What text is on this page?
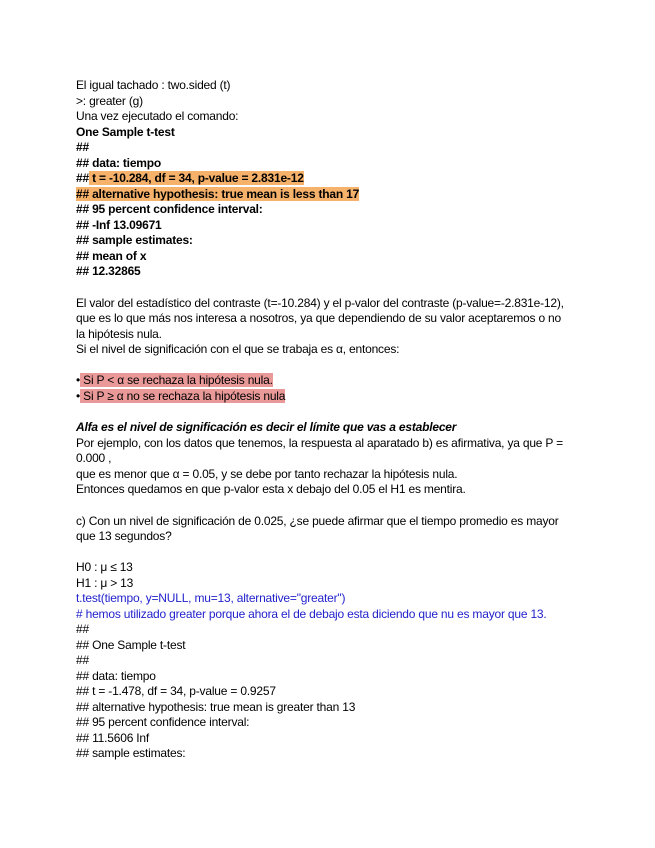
El igual tachado : two.sided (t)
>: greater (g)
Una vez ejecutado el comando:
One Sample t-test
##
## data: tiempo
## t = -10.284, df = 34, p-value = 2.831e-12
## alternative hypothesis: true mean is less than 17
## 95 percent confidence interval:
## -Inf 13.09671
## sample estimates:
## mean of x
## 12.32865
El valor del estadístico del contraste (t=-10.284) y el p-valor del contraste (p-value=-2.831e-12),
que es lo que más nos interesa a nosotros, ya que dependiendo de su valor aceptaremos o no
la hipótesis nula.
Si el nivel de significación con el que se trabaja es α, entonces:
• Si P < α se rechaza la hipótesis nula.
• Si P ≥ α no se rechaza la hipótesis nula
Alfa es el nivel de significación es decir el límite que vas a establecer
Por ejemplo, con los datos que tenemos, la respuesta al aparatado b) es afirmativa, ya que P =
0.000 ,
que es menor que α = 0.05, y se debe por tanto rechazar la hipótesis nula.
Entonces quedamos en que p-valor esta x debajo del 0.05 el H1 es mentira.
c) Con un nivel de significación de 0.025, ¿se puede afirmar que el tiempo promedio es mayor
que 13 segundos?
H0 : μ ≤ 13
H1 : μ > 13
t.test(tiempo, y=NULL, mu=13, alternative="greater")
# hemos utilizado greater porque ahora el de debajo esta diciendo que nu es mayor que 13.
##
## One Sample t-test
##
## data: tiempo
## t = -1.478, df = 34, p-value = 0.9257
## alternative hypothesis: true mean is greater than 13
## 95 percent confidence interval:
## 11.5606 Inf
## sample estimates:
